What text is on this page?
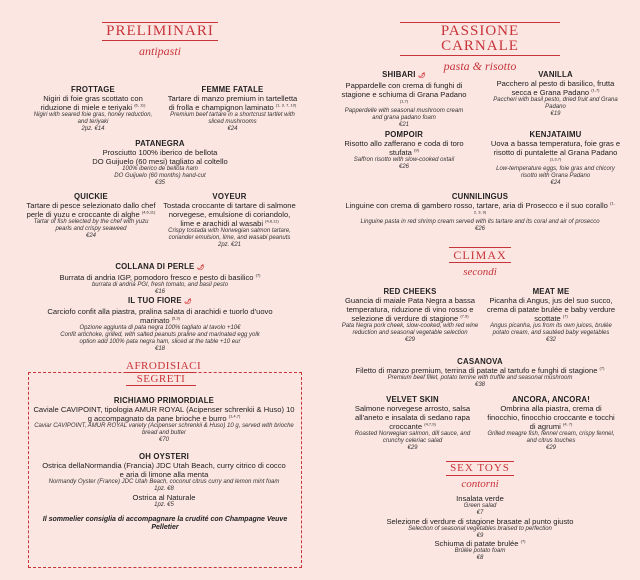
PRELIMINARI
antipasti
FROTTAGE
Nigiri di foie gras scottato con riduzione di miele e teriyaki $^{(6, 11)}$
Nigiri with seared foie gras, honey reduction, and teriyaki
2pz. €14
FEMME FATALE
Tartare di manzo premium in tartelletta di frolla e champignon laminato $^{(1, 3, 7, 10)}$
Premium beef tartare in a shortcrust tartlet with sliced mushrooms
€24
PATANEGRA
Prosciutto 100% iberico de bellota
DO Guijuelo (60 mesi) tagliato al coltello
100% iberico de bellota ham
DO Guijuelo (60 months) hand-cut
€35
QUICKIE
Tartare di pesce selezionato dallo chef perle di yuzu e croccante di alghe $^{(4,6,11)}$
Tartar of fish selected by the chef with yuzu pearls and crispy seaweed
€24
VOYEUR
Tostada croccante di tartare di salmone norvegese, emulsione di coriandolo, lime e arachidi al wasabi $^{(4,6,11)}$
Crispy tostada with Norwegian salmon tartare, coriander emulsion, lime, and wasabi peanuts
2pz. €21
COLLANA DI PERLE 🌶
Burrata di andria IGP, pomodoro fresco e pesto di basilico $^{(7)}$
burrata di andria PGI, fresh tomato, and basil pesto
€16
IL TUO FIORE 🌶
Carciofo confit alla piastra, pralina salata di arachidi e tuorlo d'uovo marinato $^{(5,3)}$
Opzione aggiunta di pata negra 100% tagliato al tavolo +10€
Confit artichoke, grilled, with salted peanuts praline and marinated egg yolk
option add 100% pata negra ham, sliced at the table +10 eur
€18
AFRODISIACI
SEGRETI
RICHIAMO PRIMORDIALE
Caviale CAVIPOINT, tipologia AMUR ROYAL (Acipenser schrenkii & Huso) 10 g accompagnato da pane brioche e burro $^{(1,4,7)}$
Caviar CAVIPOINT, AMUR ROYAL variety (Acipenser schrenkii & Huso) 10 g, served with brioche bread and butter
€70
OH OYSTERI
Ostrica dellaNormandia (Francia) JDC Utah Beach, curry citrico di cocco e aria di limone alla menta
Normandy Oyster (France) JDC Utah Beach, coconut citrus curry and lemon mint foam
1pz. €8
Ostrica al Naturale
1pz. €5
Il sommelier consiglia di accompagnare la crudité con Champagne Veuve Pelletier
PASSIONE CARNALE
pasta & risotto
SHIBARI 🌶
Pappardelle con crema di funghi di stagione e schiuma di Grana Padano $^{(1,7)}$
Papperdelle with seasonal mushroom cream and grana padano foam
€21
VANILLA
Pacchero al pesto di basilico, frutta secca e Grana Padano $^{(1,7)}$
Paccheri with basil pesto, dried fruit and Grana Padano
€19
POMPOIR
Risotto allo zafferano e coda di toro stufata $^{(9)}$
Saffron risotto with slow-cooked oxtail
€26
KENJATAIMU
Uova a bassa temperatura, foie gras e risotto di puntalette al Grana Padano $^{(1,3,7)}$
Low-temperature eggs, foie gras and chicory risotto with Grana Padano
€24
CUNNILINGUS
Linguine con crema di gambero rosso, tartare, aria di Prosecco e il suo corallo $^{(1, 2, 3, 9)}$
Linguine pasta in red shrimp cream served with its tartare and its coral and air of prosecco
€26
CLIMAX
secondi
RED CHEEKS
Guancia di maiale Pata Negra a bassa temperatura, riduzione di vino rosso e selezione di verdure di stagione $^{(7,9)}$
Pata Negra pork cheek, slow-cooked, with red wine reduction and seasonal vegetable selection
€29
MEAT ME
Picanha di Angus, jus del suo succo, crema di patate brulée e baby verdure scottate $^{(7)}$
Angus picanha, jus from its own juices, brulée potato cream, and sautéed baby vegetables
€32
CASANOVA
Filetto di manzo premium, terrina di patate al tartufo e funghi di stagione $^{(7)}$
Premium beef fillet, potato terrine with truffle and seasonal mushroom
€38
VELVET SKIN
Salmone norvegese arrosto, salsa all'aneto e insalata di sedano rapa croccante $^{(4,7,9)}$
Roasted Norwegian salmon, dill sauce, and crunchy celeriac salad
€29
ANCORA, ANCORA!
Ombrina alla piastra, crema di finocchio, finocchio croccante e tocchi di agrumi $^{(4, 7)}$
Grilled meagre fish, fennel cream, crispy fennel, and citrus touches
€29
SEX TOYS
contorni
Insalata verde
Green salad
€7
Selezione di verdure di stagione brasate al punto giusto
Selection of seasonal vegetables braised to perfection
€9
Schiuma di patate brulée $^{(7)}$
Brûlée potato foam
€8
